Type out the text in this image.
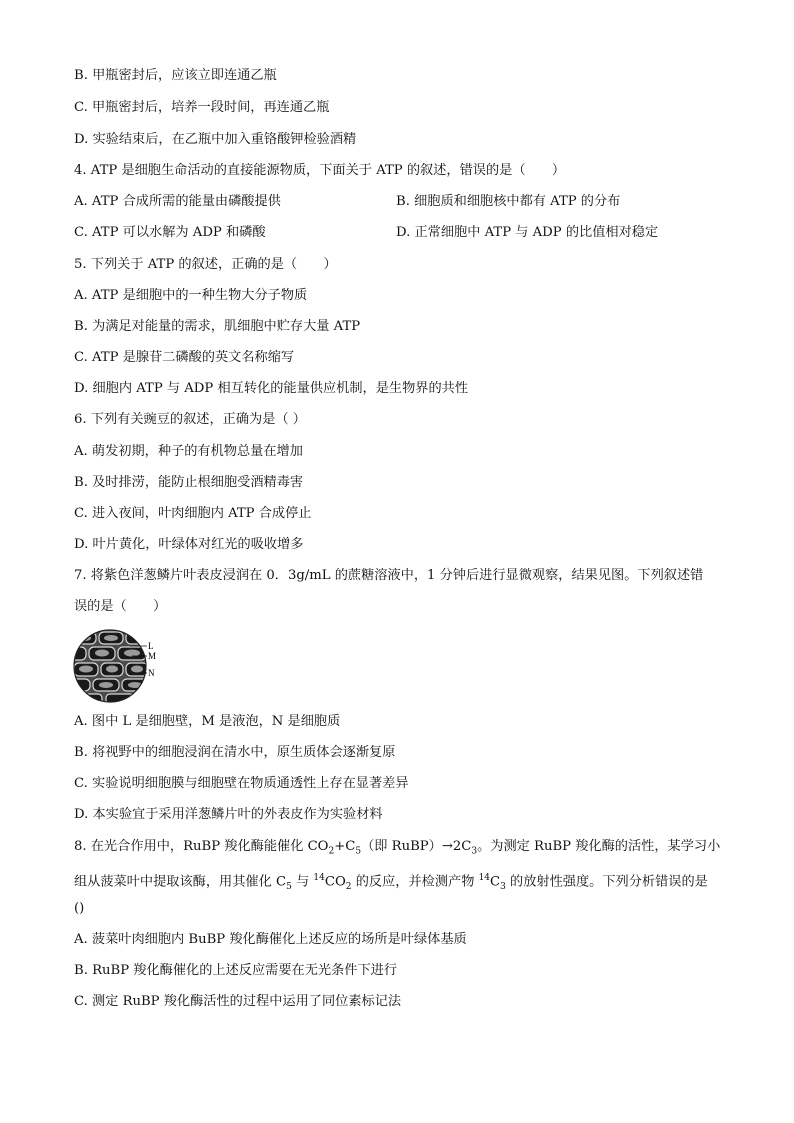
B. 甲瓶密封后，应该立即连通乙瓶
C. 甲瓶密封后，培养一段时间，再连通乙瓶
D. 实验结束后，在乙瓶中加入重铬酸钾检验酒精
4. ATP 是细胞生命活动的直接能源物质，下面关于 ATP 的叙述，错误的是（　　）
A. ATP 合成所需的能量由磷酸提供	B. 细胞质和细胞核中都有 ATP 的分布
C. ATP 可以水解为 ADP 和磷酸	D. 正常细胞中 ATP 与 ADP 的比值相对稳定
5. 下列关于 ATP 的叙述，正确的是（　　）
A. ATP 是细胞中的一种生物大分子物质
B. 为满足对能量的需求，肌细胞中贮存大量 ATP
C. ATP 是腺苷二磷酸的英文名称缩写
D. 细胞内 ATP 与 ADP 相互转化的能量供应机制，是生物界的共性
6. 下列有关豌豆的叙述，正确为是（ ）
A. 萌发初期，种子的有机物总量在增加
B. 及时排涝，能防止根细胞受酒精毒害
C. 进入夜间，叶肉细胞内 ATP 合成停止
D. 叶片黄化，叶绿体对红光的吸收增多
7. 将紫色洋葱鳞片叶表皮浸润在 0．3g/mL 的蔗糖溶液中，1 分钟后进行显微观察，结果见图。下列叙述错
误的是（　　）
L
M
N
A. 图中 L 是细胞壁，M 是液泡，N 是细胞质
B. 将视野中的细胞浸润在清水中，原生质体会逐渐复原
C. 实验说明细胞膜与细胞壁在物质通透性上存在显著差异
D. 本实验宜于采用洋葱鳞片叶的外表皮作为实验材料
8. 在光合作用中，RuBP 羧化酶能催化 $CO_2+C_5$（即 $RuBP)\to 2C_3$。为测定 RuBP 羧化酶的活性，某学习小
组从菠菜叶中提取该酶，用其催化 $C_5$ 与 $^{14}CO_2$ 的反应，并检测产物 $^{14}C_3$ 的放射性强度。下列分析错误的是
()
A. 菠菜叶肉细胞内 BuBP 羧化酶催化上述反应的场所是叶绿体基质
B. RuBP 羧化酶催化的上述反应需要在无光条件下进行
C. 测定 RuBP 羧化酶活性的过程中运用了同位素标记法
